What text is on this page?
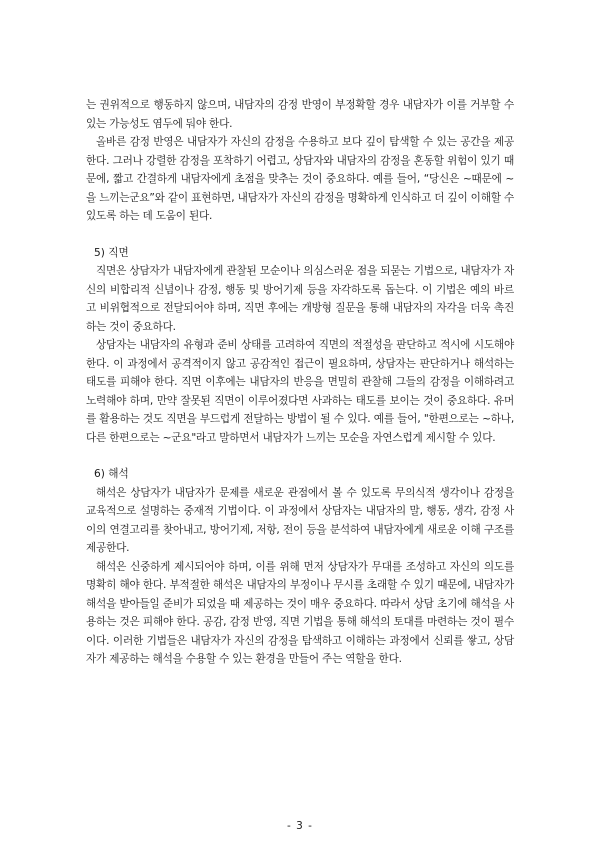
는 권위적으로 행동하지 않으며, 내담자의 감정 반영이 부정확할 경우 내담자가 이를 거부할 수 있는 가능성도 염두에 둬야 한다.

올바른 감정 반영은 내담자가 자신의 감정을 수용하고 보다 깊이 탐색할 수 있는 공간을 제공한다. 그러나 강렬한 감정을 포착하기 어렵고, 상담자와 내담자의 감정을 혼동할 위험이 있기 때문에, 짧고 간결하게 내담자에게 초점을 맞추는 것이 중요하다. 예를 들어, “당신은 ~때문에 ~을 느끼는군요”와 같이 표현하면, 내담자가 자신의 감정을 명확하게 인식하고 더 깊이 이해할 수 있도록 하는 데 도움이 된다.

5) 직면

직면은 상담자가 내담자에게 관찰된 모순이나 의심스러운 점을 되묻는 기법으로, 내담자가 자신의 비합리적 신념이나 감정, 행동 및 방어기제 등을 자각하도록 돕는다. 이 기법은 예의 바르고 비위협적으로 전달되어야 하며, 직면 후에는 개방형 질문을 통해 내담자의 자각을 더욱 촉진하는 것이 중요하다.

상담자는 내담자의 유형과 준비 상태를 고려하여 직면의 적절성을 판단하고 적시에 시도해야 한다. 이 과정에서 공격적이지 않고 공감적인 접근이 필요하며, 상담자는 판단하거나 해석하는 태도를 피해야 한다. 직면 이후에는 내담자의 반응을 면밀히 관찰해 그들의 감정을 이해하려고 노력해야 하며, 만약 잘못된 직면이 이루어졌다면 사과하는 태도를 보이는 것이 중요하다. 유머를 활용하는 것도 직면을 부드럽게 전달하는 방법이 될 수 있다. 예를 들어, "한편으로는 ~하나, 다른 한편으로는 ~군요"라고 말하면서 내담자가 느끼는 모순을 자연스럽게 제시할 수 있다.

6) 해석

해석은 상담자가 내담자가 문제를 새로운 관점에서 볼 수 있도록 무의식적 생각이나 감정을 교육적으로 설명하는 중재적 기법이다. 이 과정에서 상담자는 내담자의 말, 행동, 생각, 감정 사이의 연결고리를 찾아내고, 방어기제, 저항, 전이 등을 분석하여 내담자에게 새로운 이해 구조를 제공한다.

해석은 신중하게 제시되어야 하며, 이를 위해 먼저 상담자가 무대를 조성하고 자신의 의도를 명확히 해야 한다. 부적절한 해석은 내담자의 부정이나 무시를 초래할 수 있기 때문에, 내담자가 해석을 받아들일 준비가 되었을 때 제공하는 것이 매우 중요하다. 따라서 상담 초기에 해석을 사용하는 것은 피해야 한다. 공감, 감정 반영, 직면 기법을 통해 해석의 토대를 마련하는 것이 필수이다. 이러한 기법들은 내담자가 자신의 감정을 탐색하고 이해하는 과정에서 신뢰를 쌓고, 상담자가 제공하는 해석을 수용할 수 있는 환경을 만들어 주는 역할을 한다.

- 3 -
